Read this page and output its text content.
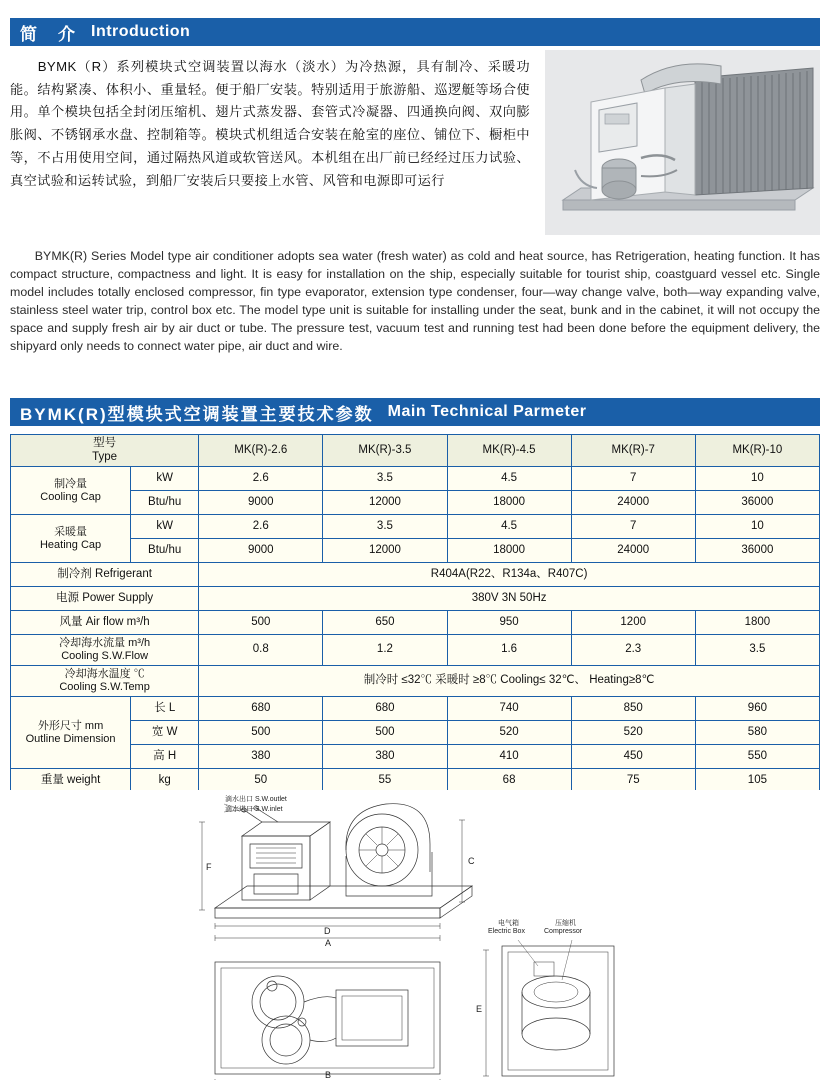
简　介 Introduction
BYMK（R）系列模块式空调装置以海水（淡水）为冷热源，具有制冷、采暖功能。结构紧凑、体积小、重量轻。便于船厂安装。特别适用于旅游船、巡逻艇等场合使用。单个模块包括全封闭压缩机、翅片式蒸发器、套管式冷凝器、四通换向阀、双向膨胀阀、不锈钢承水盘、控制箱等。模块式机组适合安装在舱室的座位、铺位下、橱柜中等，不占用使用空间，通过隔热风道或软管送风。本机组在出厂前已经经过压力试验、真空试验和运转试验，到船厂安装后只要接上水管、风管和电源即可运行
BYMK(R) Series Model type air conditioner adopts sea water (fresh water) as cold and heat source, has Retrigeration, heating function. It has compact structure, compactness and light. It is easy for installation on the ship, especially suitable for tourist ship, coastguard vessel etc. Single model includes totally enclosed compressor, fin type evaporator, extension type condenser, four—way change valve, both—way expanding valve, stainless steel water trip, control box etc. The model type unit is suitable for installing under the seat, bunk and in the cabinet, it will not occupy the space and supply fresh air by air duct or tube. The pressure test, vacuum test and running test had been done before the equipment delivery, the shipyard only needs to connect water pipe, air duct and wire.
BYMK(R)型模块式空调装置主要技术参数 Main Technical Parmeter
型号
Type		MK(R)-2.6	MK(R)-3.5	MK(R)-4.5	MK(R)-7	MK(R)-10

制冷量
Cooling Cap	kW	2.6	3.5	4.5	7	10
	Btu/hu	9000	12000	18000	24000	36000

采暖量
Heating Cap	kW	2.6	3.5	4.5	7	10
	Btu/hu	9000	12000	18000	24000	36000
制冷剂 Refrigerant		R404A(R22、R134a、R407C)				
电源 Power Supply		380V 3N 50Hz				
风量 Air flow m³/h		500	650	950	1200	1800

冷却海水流量 m³/h
Cooling S.W.Flow		0.8	1.2	1.6	2.3	3.5

冷却海水温度 ℃
Cooling S.W.Temp		制冷时 ≤32℃ 采暖时 ≥8℃ Cooling≤ 32℃、 Heating≥8℃				

外形尺寸 mm
Outline Dimension	长 L	680	680	740	850	960
	宽 W	500	500	520	520	580
	高 H	380	380	410	450	550
重量 weight	kg	50	55	68	75	105
滴水出口 S.W.outlet
滴水进口 S.W.inlet
F
C
D
A
电气箱
Electric Box
压缩机
Compressor
E
B
